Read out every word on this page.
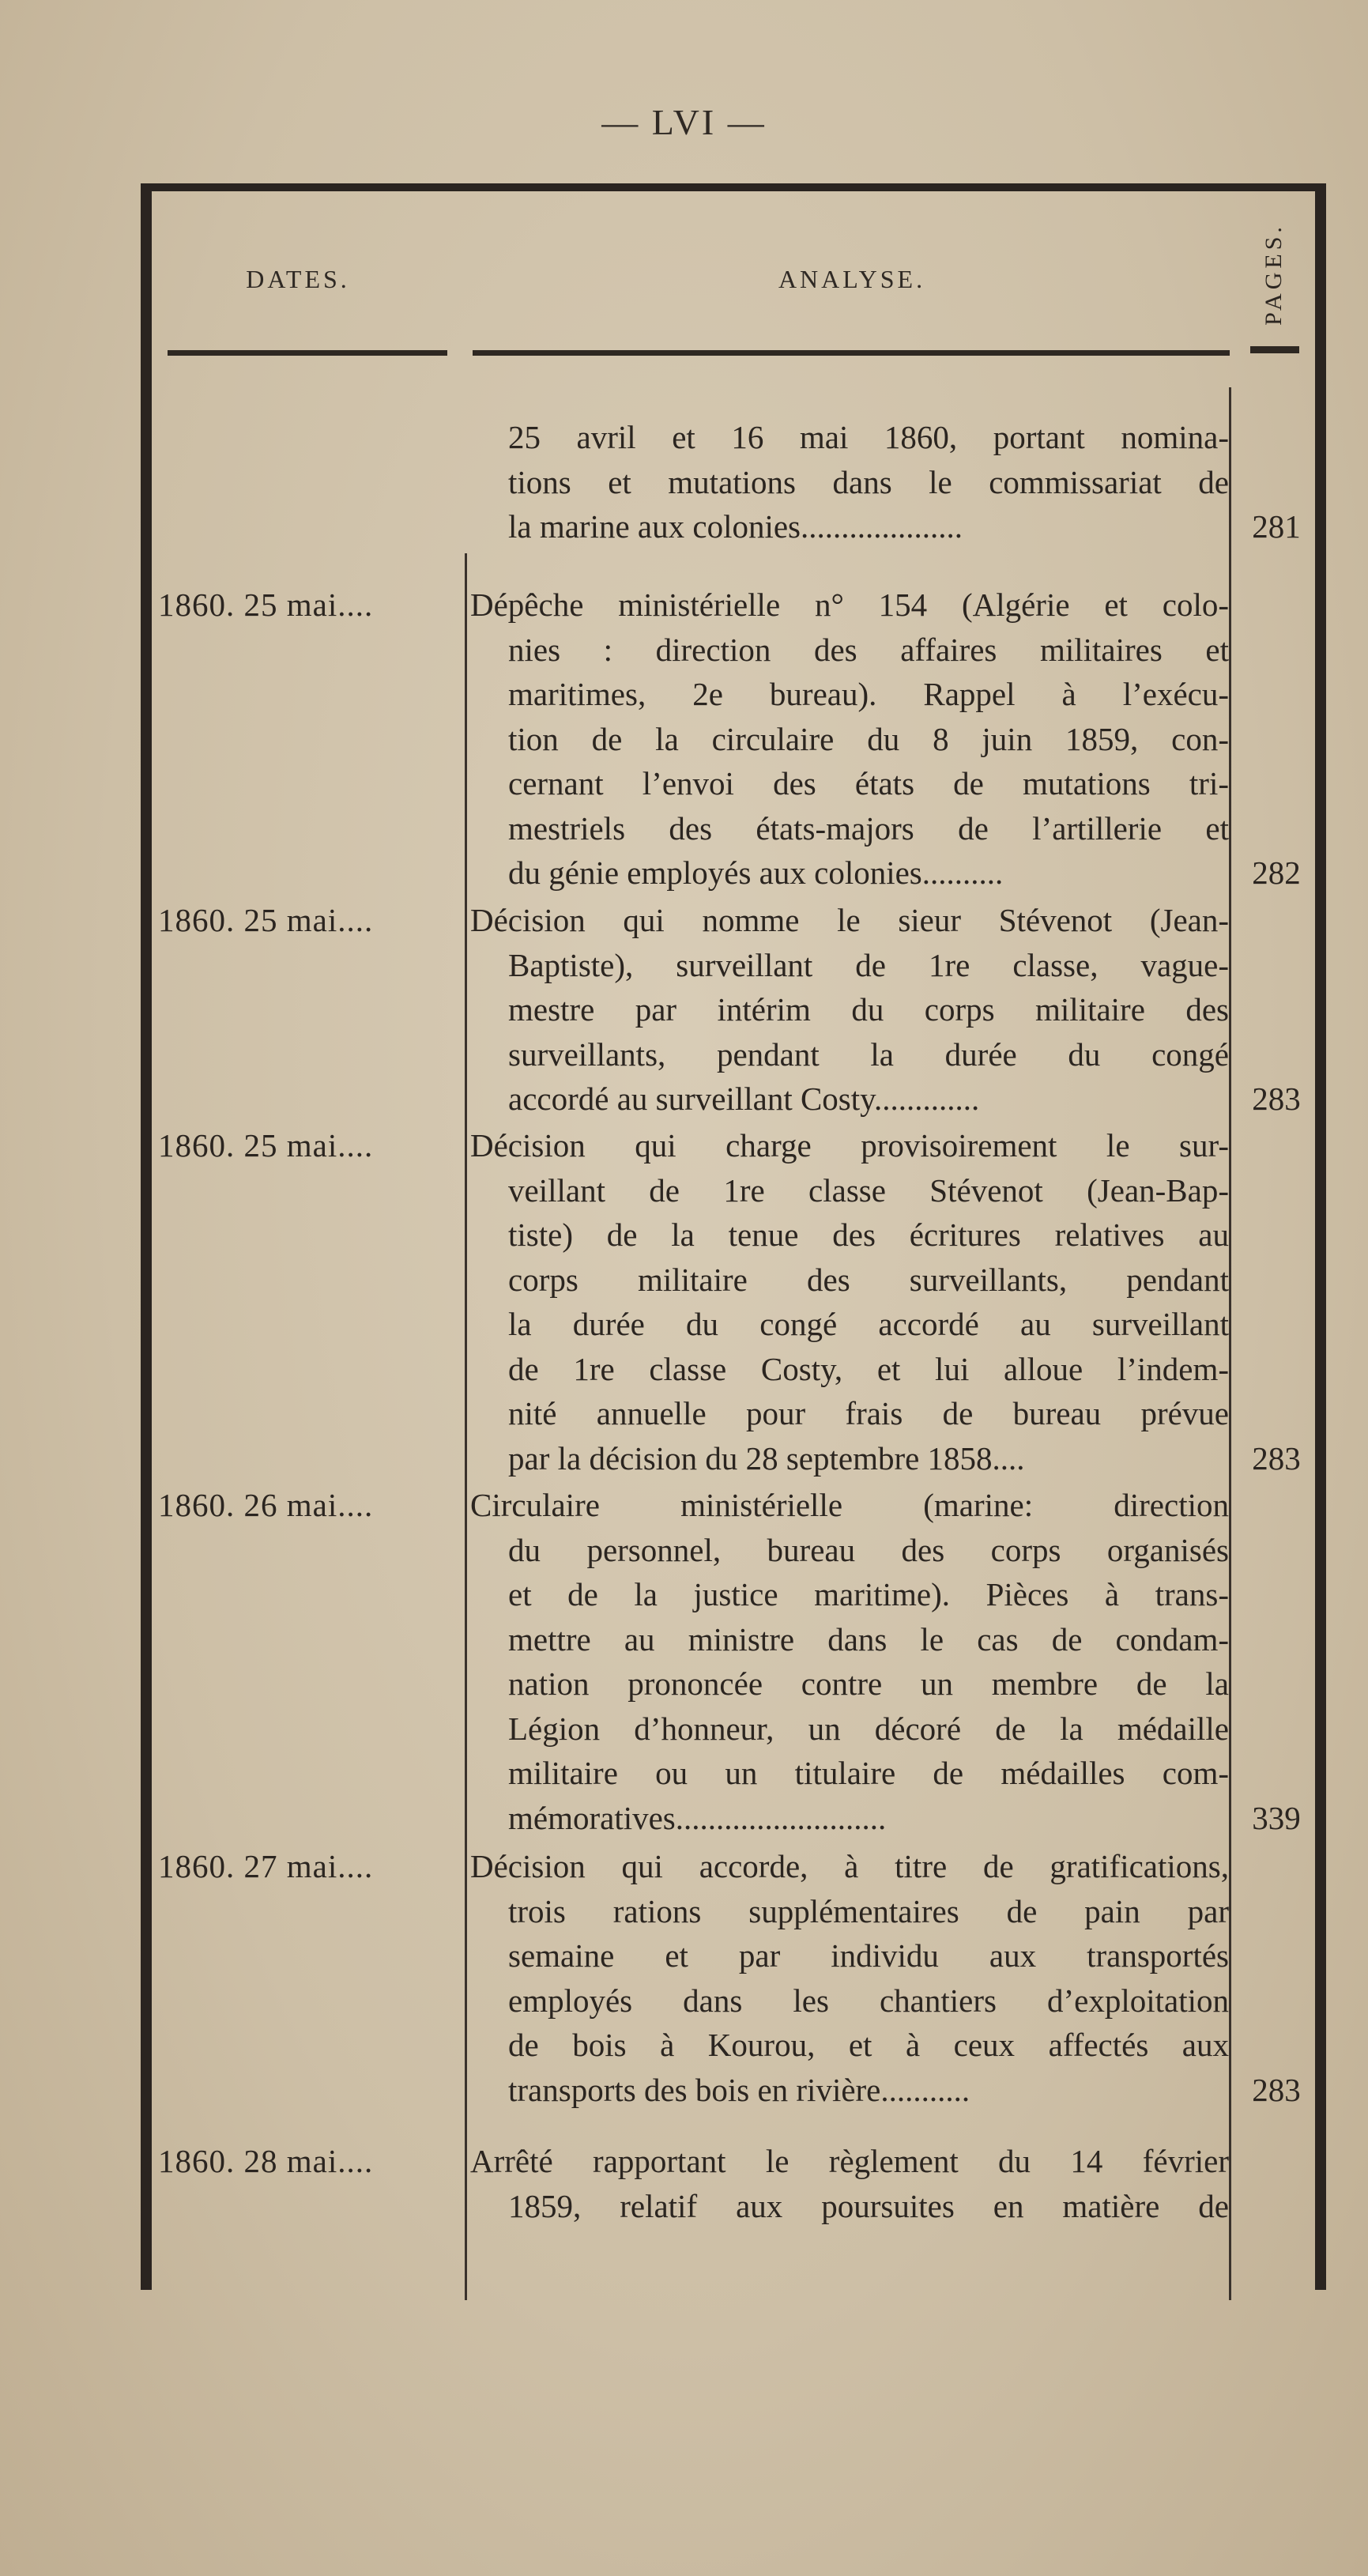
— LVI —
DATES.	ANALYSE.	PAGES.
25 avril et 16 mai 1860, portant nomina-
tions et mutations dans le commissariat de
la marine aux colonies....................	281
1860. 25 mai....	Dépêche ministérielle n° 154 (Algérie et colo-
nies : direction des affaires militaires et
maritimes, 2e bureau). Rappel à l’exécu-
tion de la circulaire du 8 juin 1859, con-
cernant l’envoi des états de mutations tri-
mestriels des états-majors de l’artillerie et
du génie employés aux colonies..........	282
1860. 25 mai....	Décision qui nomme le sieur Stévenot (Jean-
Baptiste), surveillant de 1re classe, vague-
mestre par intérim du corps militaire des
surveillants, pendant la durée du congé
accordé au surveillant Costy.............	283
1860. 25 mai....	Décision qui charge provisoirement le sur-
veillant de 1re classe Stévenot (Jean-Bap-
tiste) de la tenue des écritures relatives au
corps militaire des surveillants, pendant
la durée du congé accordé au surveillant
de 1re classe Costy, et lui alloue l’indem-
nité annuelle pour frais de bureau prévue
par la décision du 28 septembre 1858....	283
1860. 26 mai....	Circulaire ministérielle (marine: direction
du personnel, bureau des corps organisés
et de la justice maritime). Pièces à trans-
mettre au ministre dans le cas de condam-
nation prononcée contre un membre de la
Légion d’honneur, un décoré de la médaille
militaire ou un titulaire de médailles com-
mémoratives..........................	339
1860. 27 mai....	Décision qui accorde, à titre de gratifications,
trois rations supplémentaires de pain par
semaine et par individu aux transportés
employés dans les chantiers d’exploitation
de bois à Kourou, et à ceux affectés aux
transports des bois en rivière...........	283
1860. 28 mai....	Arrêté rapportant le règlement du 14 février
1859, relatif aux poursuites en matière de
